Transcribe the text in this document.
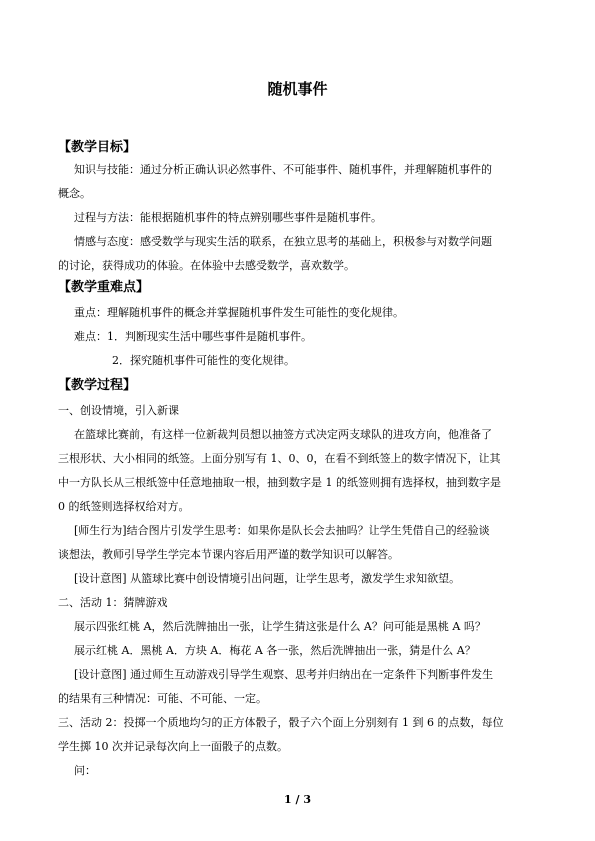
随机事件
【教学目标】
知识与技能：通过分析正确认识必然事件、不可能事件、随机事件，并理解随机事件的
概念。
过程与方法：能根据随机事件的特点辨别哪些事件是随机事件。
情感与态度：感受数学与现实生活的联系，在独立思考的基础上，积极参与对数学问题
的讨论，获得成功的体验。在体验中去感受数学，喜欢数学。
【教学重难点】
重点：理解随机事件的概念并掌握随机事件发生可能性的变化规律。
难点：1．判断现实生活中哪些事件是随机事件。
2．探究随机事件可能性的变化规律。
【教学过程】
一、创设情境，引入新课
在篮球比赛前，有这样一位新裁判员想以抽签方式决定两支球队的进攻方向，他准备了
三根形状、大小相同的纸签。上面分别写有 1、0、0，在看不到纸签上的数字情况下，让其
中一方队长从三根纸签中任意地抽取一根，抽到数字是 1 的纸签则拥有选择权，抽到数字是
0 的纸签则选择权给对方。
[师生行为]结合图片引发学生思考：如果你是队长会去抽吗？让学生凭借自己的经验谈
谈想法，教师引导学生学完本节课内容后用严谨的数学知识可以解答。
[设计意图] 从篮球比赛中创设情境引出问题，让学生思考，激发学生求知欲望。
二、活动 1：猜牌游戏
展示四张红桃 A，然后洗牌抽出一张，让学生猜这张是什么 A？问可能是黑桃 A 吗？
展示红桃 A．黑桃 A．方块 A．梅花 A 各一张，然后洗牌抽出一张，猜是什么 A？
[设计意图] 通过师生互动游戏引导学生观察、思考并归纳出在一定条件下判断事件发生
的结果有三种情况：可能、不可能、一定。
三、活动 2：投掷一个质地均匀的正方体骰子，骰子六个面上分别刻有 1 到 6 的点数，每位
学生掷 10 次并记录每次向上一面骰子的点数。
问：
1 / 3
